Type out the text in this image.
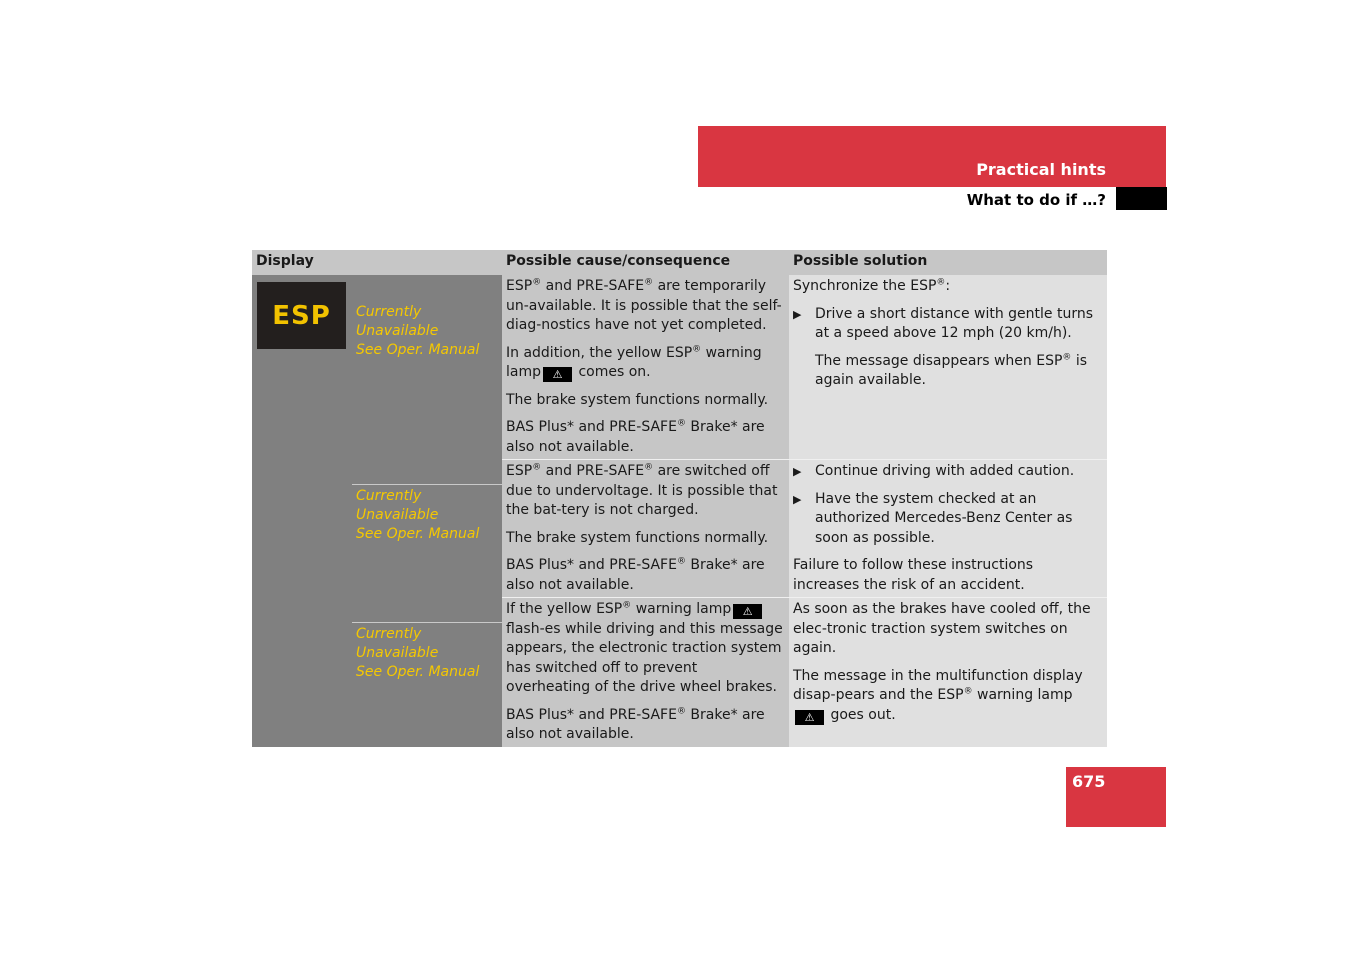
Practical hints
What to do if …?
Display	Possible cause/consequence	Possible solution
ESP Currently Unavailable
See Oper. Manual
Currently Unavailable
See Oper. Manual
Currently Unavailable
See Oper. Manual

ESP® and PRE-SAFE® are temporarily un-available. It is possible that the self-diag-nostics have not yet completed.

In addition, the yellow ESP® warning lamp ⚠ comes on.

The brake system functions normally.

BAS Plus* and PRE-SAFE® Brake* are also not available.

Synchronize the ESP®:

▶ Drive a short distance with gentle turns at a speed above 12 mph (20 km/h).

The message disappears when ESP® is again available.

ESP® and PRE-SAFE® are switched off due to undervoltage. It is possible that the bat-tery is not charged.

The brake system functions normally.

BAS Plus* and PRE-SAFE® Brake* are also not available.

▶ Continue driving with added caution.
▶ Have the system checked at an authorized Mercedes-Benz Center as soon as possible.

Failure to follow these instructions increases the risk of an accident.

If the yellow ESP® warning lamp ⚠ flash-es while driving and this message appears, the electronic traction system has switched off to prevent overheating of the drive wheel brakes.

BAS Plus* and PRE-SAFE® Brake* are also not available.

As soon as the brakes have cooled off, the elec-tronic traction system switches on again.

The message in the multifunction display disap-pears and the ESP® warning lamp⚠ goes out.

675
